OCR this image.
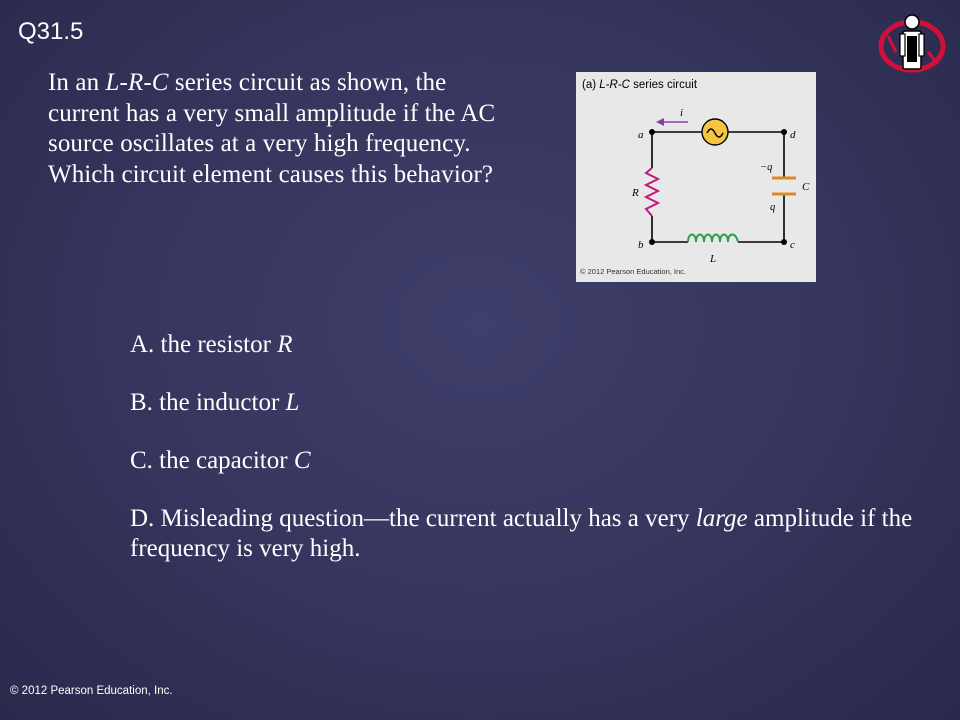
Q31.5
In an L-R-C series circuit as shown, the current has a very small amplitude if the AC source oscillates at a very high frequency. Which circuit element causes this behavior?
(a) L-R-C series circuit
i
R
−q
q
C
L
a	d
b	c
© 2012 Pearson Education, Inc.
A. the resistor R
B. the inductor L
C. the capacitor C
D. Misleading question—the current actually has a very large amplitude if the frequency is very high.
© 2012 Pearson Education, Inc.
